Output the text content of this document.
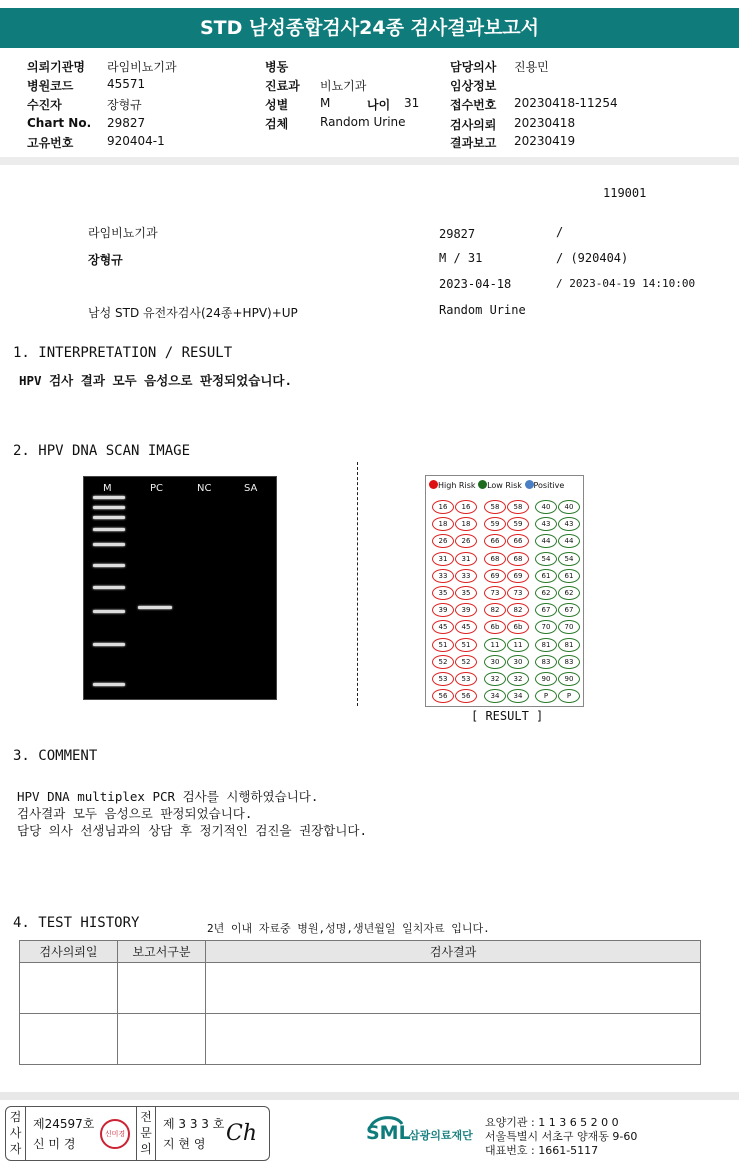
STD 남성종합검사24종 검사결과보고서
의뢰기관명 라임비뇨기과
병원코드	45571
수진자	장형규
Chart No. 29827
고유번호	920404-1
병동
진료과 비뇨기과
성별	M	나이 31
검체	Random Urine
담당의사 진용민
임상정보
접수번호 20230418-11254
검사의뢰 20230418
결과보고 20230419
119001
라임비뇨기과
장형규
남성 STD 유전자검사(24종+HPV)+UP
29827	/
M / 31	/ (920404)
2023-04-18	/ 2023-04-19 14:10:00
Random Urine
1. INTERPRETATION / RESULT
HPV 검사 결과 모두 음성으로 판정되었습니다.
2. HPV DNA SCAN IMAGE
M	PC	NC	SA	High Risk Low Risk Positive
16	16	58	58	40	40
18	18	59	59	43	43
26	26	66	66	44	44
31	31	68	68	54	54
33	33	69	69	61	61
35	35	73	73	62	62
39	39	82	82	67	67
45	45	6b	6b	70	70
51	51	11	11	81	81
52	52	30	30	83	83
53	53	32	32	90	90
56	56	34	34	P	P
[ RESULT ]
3. COMMENT
HPV DNA multiplex PCR 검사를 시행하였습니다.
검사결과 모두 음성으로 판정되었습니다.
담당 의사 선생님과의 상담 후 정기적인 검진을 권장합니다.
4. TEST HISTORY	2년 이내 자료중 병원,성명,생년월일 일치자료 입니다.
검사의뢰일	보고서구분	검사결과

검사자
제24597호
신 미 경
신미경
전문의
제 3 3 3 호
지 현 영 Ch	SML
삼광의료재단
요양기관 : 1 1 3 6 5 2 0 0
서울특별시 서초구 양재동 9-60
대표번호 : 1661-5117
